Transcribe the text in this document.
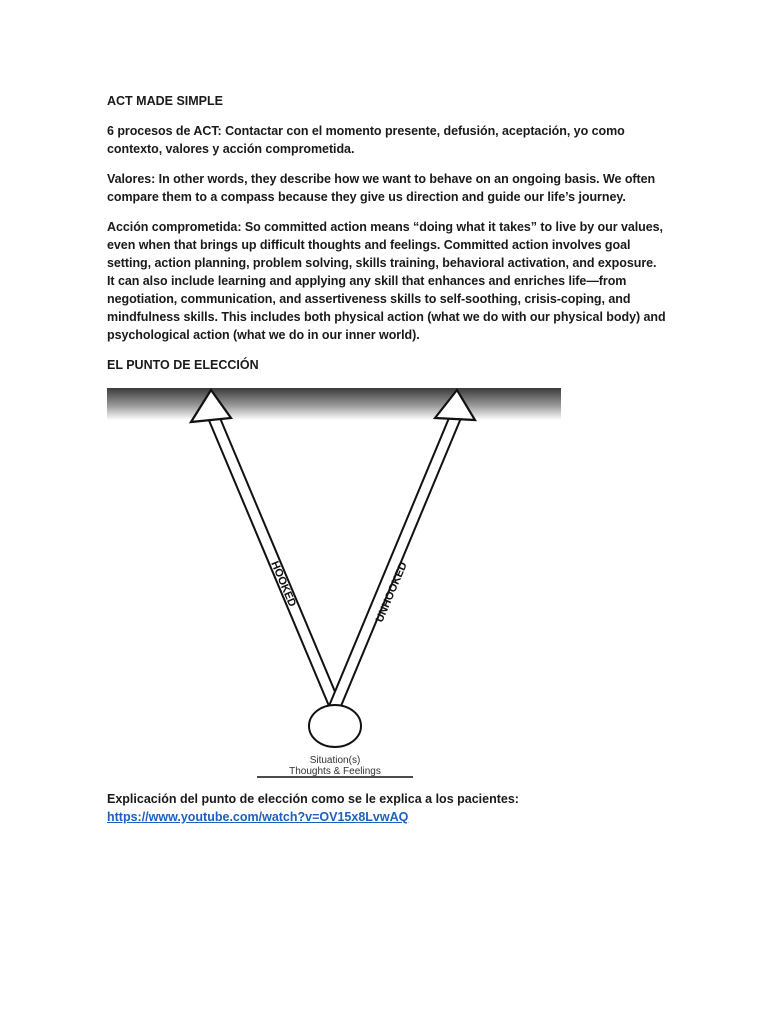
ACT MADE SIMPLE

6 procesos de ACT: Contactar con el momento presente, defusión, aceptación, yo como contexto, valores y acción comprometida.

Valores: In other words, they describe how we want to behave on an ongoing basis. We often compare them to a compass because they give us direction and guide our life’s journey.

Acción comprometida: So committed action means “doing what it takes” to live by our values, even when that brings up difficult thoughts and feelings. Committed action involves goal setting, action planning, problem solving, skills training, behavioral activation, and exposure. It can also include learning and applying any skill that enhances and enriches life—from negotiation, communication, and assertiveness skills to self-soothing, crisis-coping, and mindfulness skills. This includes both physical action (what we do with our physical body) and psychological action (what we do in our inner world).

EL PUNTO DE ELECCIÓN

HOOKED	UNHOOKED
Situation(s)
Thoughts & Feelings
Explicación del punto de elección como se le explica a los pacientes:
https://www.youtube.com/watch?v=OV15x8LvwAQ
